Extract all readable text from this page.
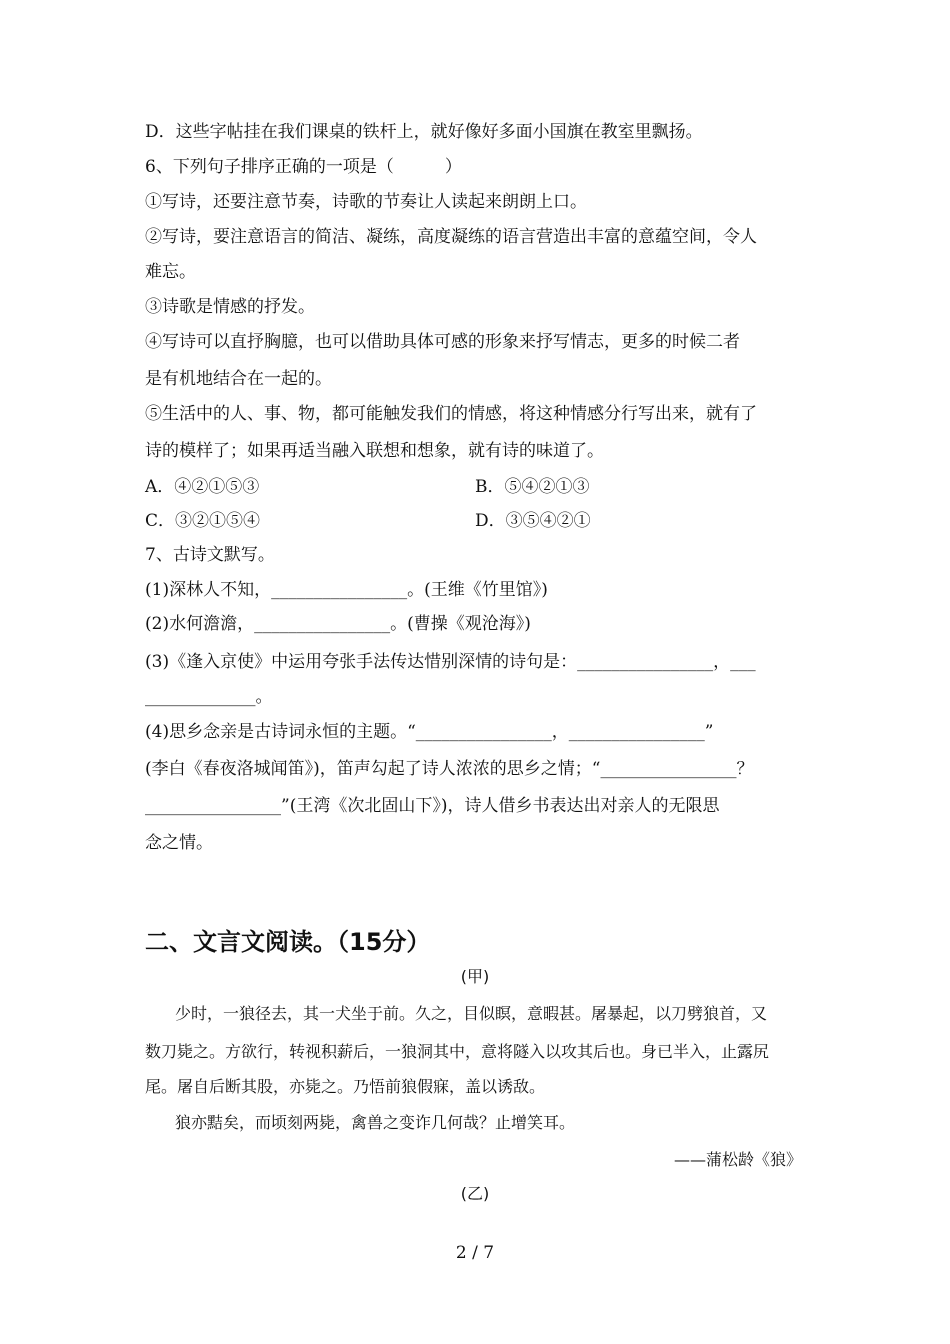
D．这些字帖挂在我们课桌的铁杆上，就好像好多面小国旗在教室里飘扬。
6、下列句子排序正确的一项是（　　　）
①写诗，还要注意节奏，诗歌的节奏让人读起来朗朗上口。
②写诗，要注意语言的简洁、凝练，高度凝练的语言营造出丰富的意蕴空间，令人
难忘。
③诗歌是情感的抒发。
④写诗可以直抒胸臆，也可以借助具体可感的形象来抒写情志，更多的时候二者
是有机地结合在一起的。
⑤生活中的人、事、物，都可能触发我们的情感，将这种情感分行写出来，就有了
诗的模样了；如果再适当融入联想和想象，就有诗的味道了。
A．④②①⑤③	B．⑤④②①③
C．③②①⑤④	D．③⑤④②①
7、古诗文默写。
(1)深林人不知，________________。(王维《竹里馆》)
(2)水何澹澹，________________。(曹操《观沧海》)
(3)《逢入京使》中运用夸张手法传达惜别深情的诗句是：________________，___
_____________。
(4)思乡念亲是古诗词永恒的主题。“________________，________________”
(李白《春夜洛城闻笛》)，笛声勾起了诗人浓浓的思乡之情；“________________？
________________”(王湾《次北固山下》)，诗人借乡书表达出对亲人的无限思
念之情。
二、文言文阅读。（15分）
(甲)
少时，一狼径去，其一犬坐于前。久之，目似瞑，意暇甚。屠暴起，以刀劈狼首，又
数刀毙之。方欲行，转视积薪后，一狼洞其中，意将隧入以攻其后也。身已半入，止露尻
尾。屠自后断其股，亦毙之。乃悟前狼假寐，盖以诱敌。
狼亦黠矣，而顷刻两毙，禽兽之变诈几何哉？止增笑耳。
——蒲松龄《狼》
(乙)
2 / 7
